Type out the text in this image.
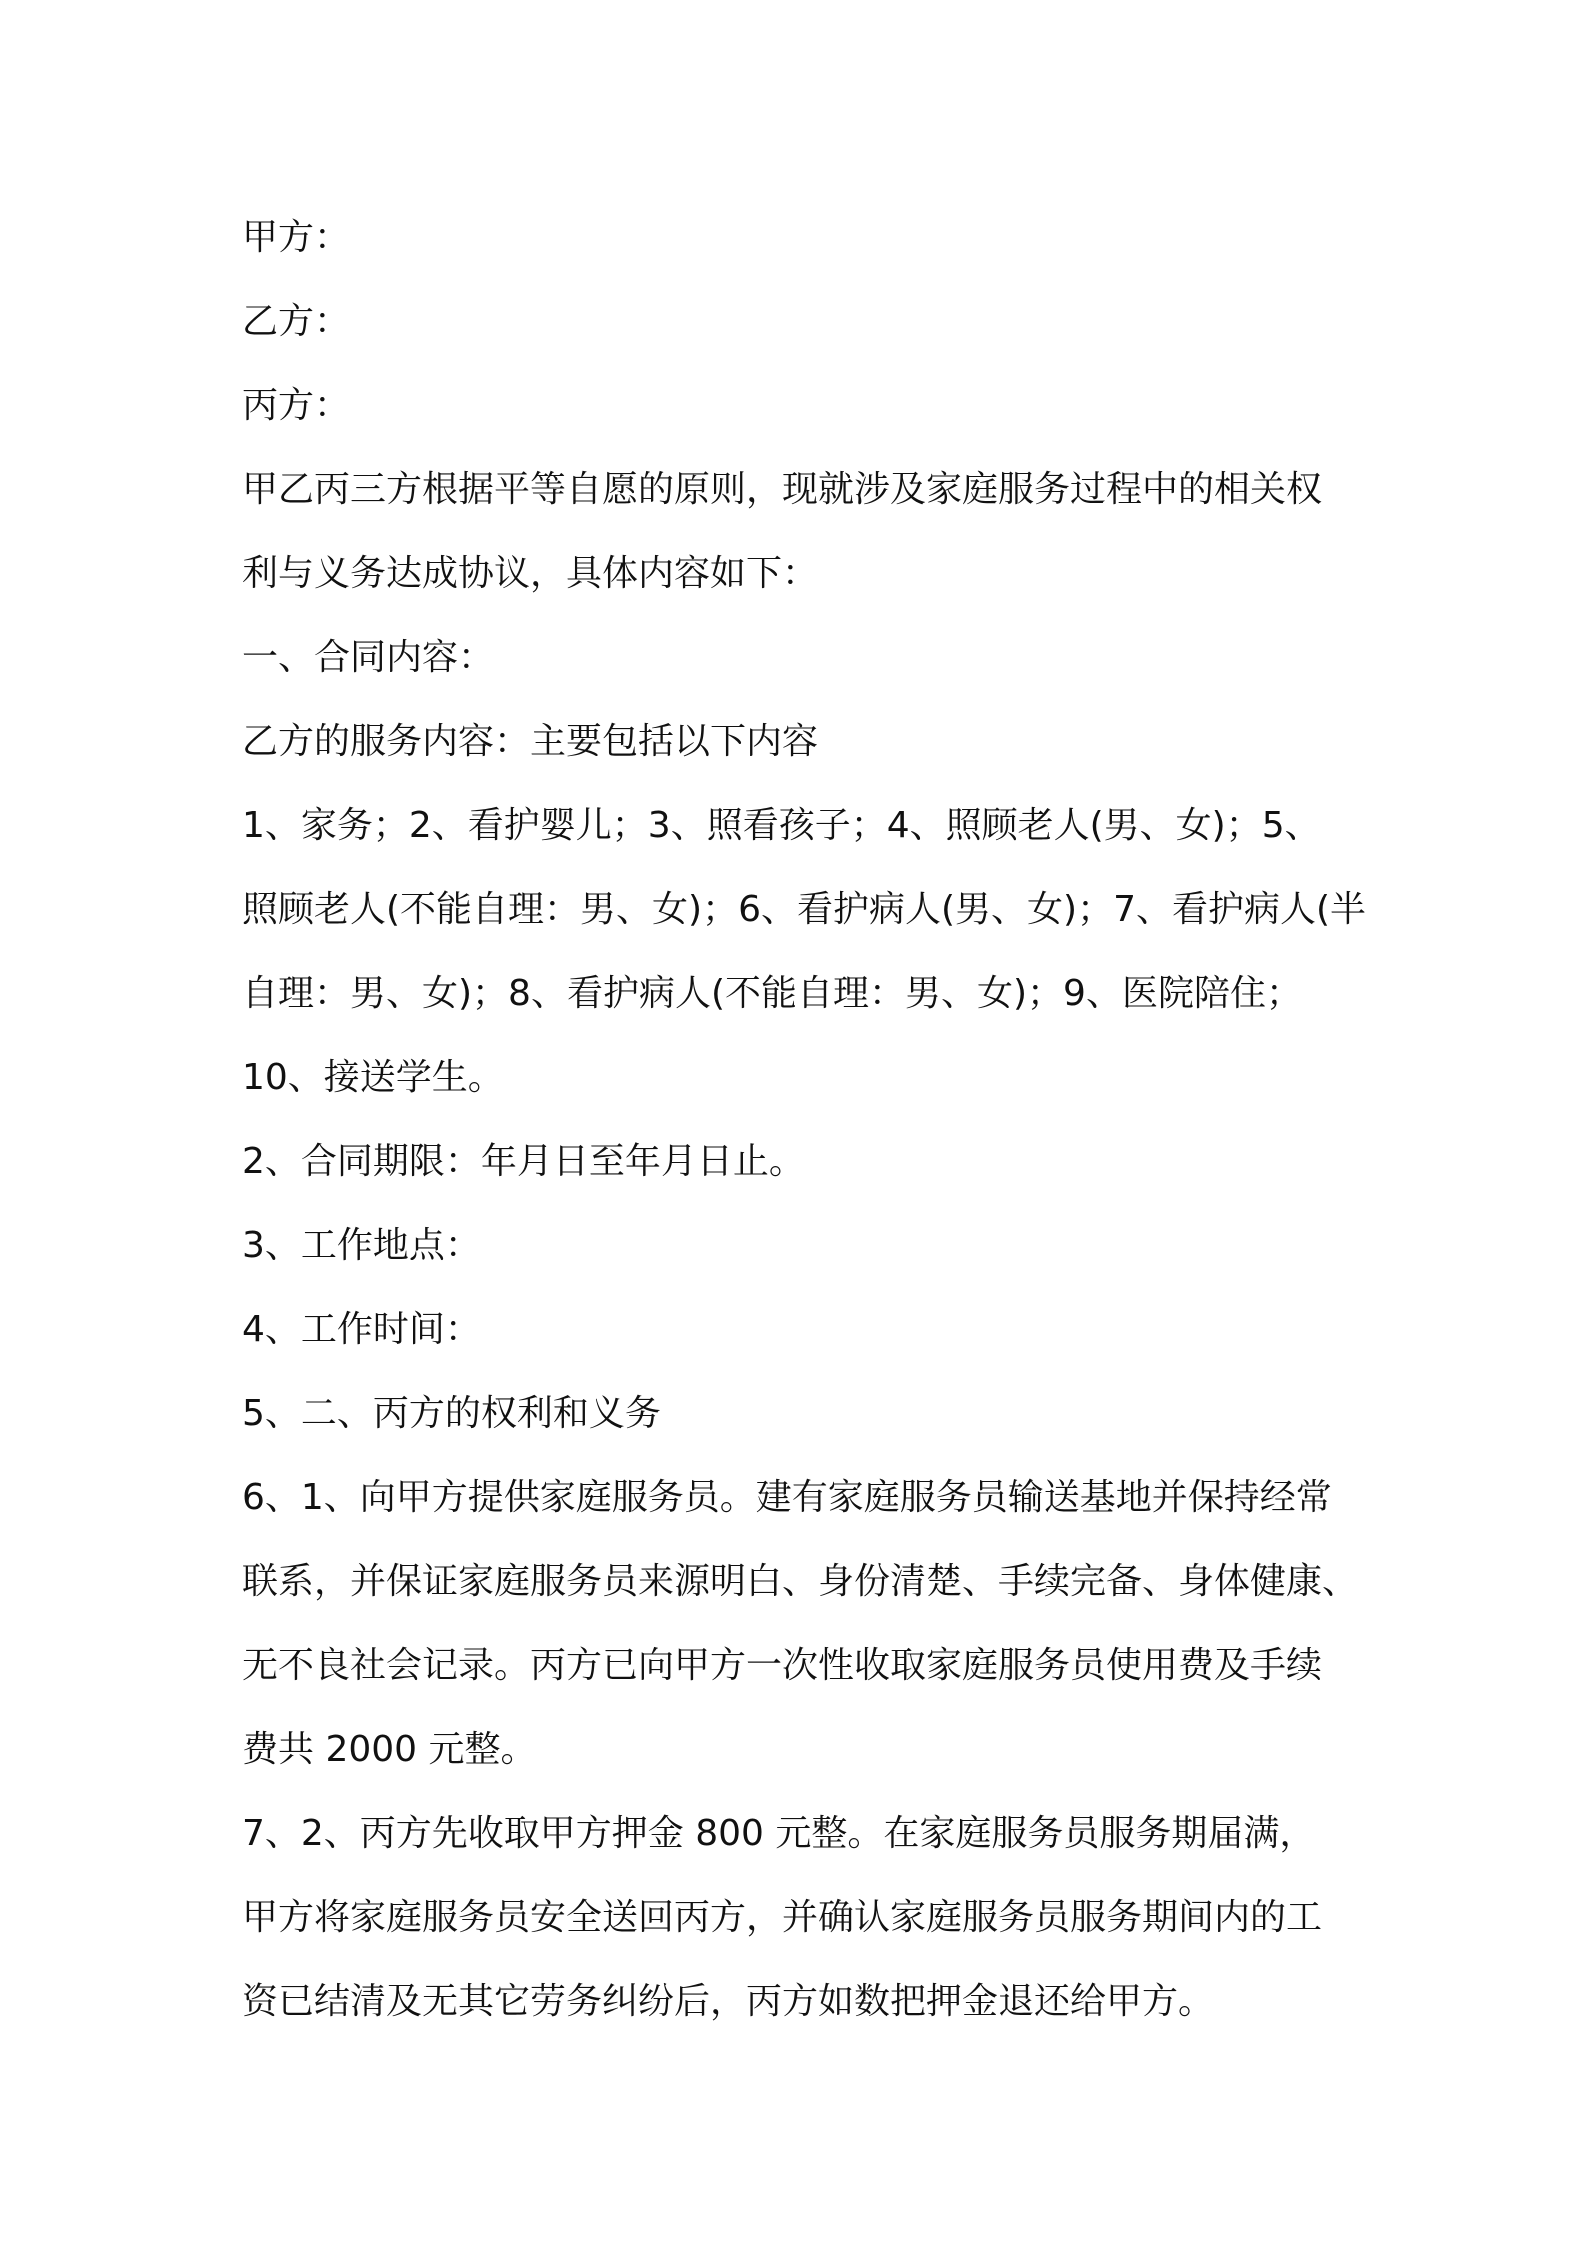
甲方：
乙方：
丙方：
甲乙丙三方根据平等自愿的原则，现就涉及家庭服务过程中的相关权
利与义务达成协议，具体内容如下：
一、合同内容：
乙方的服务内容：主要包括以下内容
1、家务；2、看护婴儿；3、照看孩子；4、照顾老人(男、女)；5、
照顾老人(不能自理：男、女)；6、看护病人(男、女)；7、看护病人(半
自理：男、女)；8、看护病人(不能自理：男、女)；9、医院陪住；
10、接送学生。
2、合同期限：年月日至年月日止。
3、工作地点：
4、工作时间：
5、二、丙方的权利和义务
6、1、向甲方提供家庭服务员。建有家庭服务员输送基地并保持经常
联系，并保证家庭服务员来源明白、身份清楚、手续完备、身体健康、
无不良社会记录。丙方已向甲方一次性收取家庭服务员使用费及手续
费共 2000 元整。
7、2、丙方先收取甲方押金 800 元整。在家庭服务员服务期届满，
甲方将家庭服务员安全送回丙方，并确认家庭服务员服务期间内的工
资已结清及无其它劳务纠纷后，丙方如数把押金退还给甲方。
